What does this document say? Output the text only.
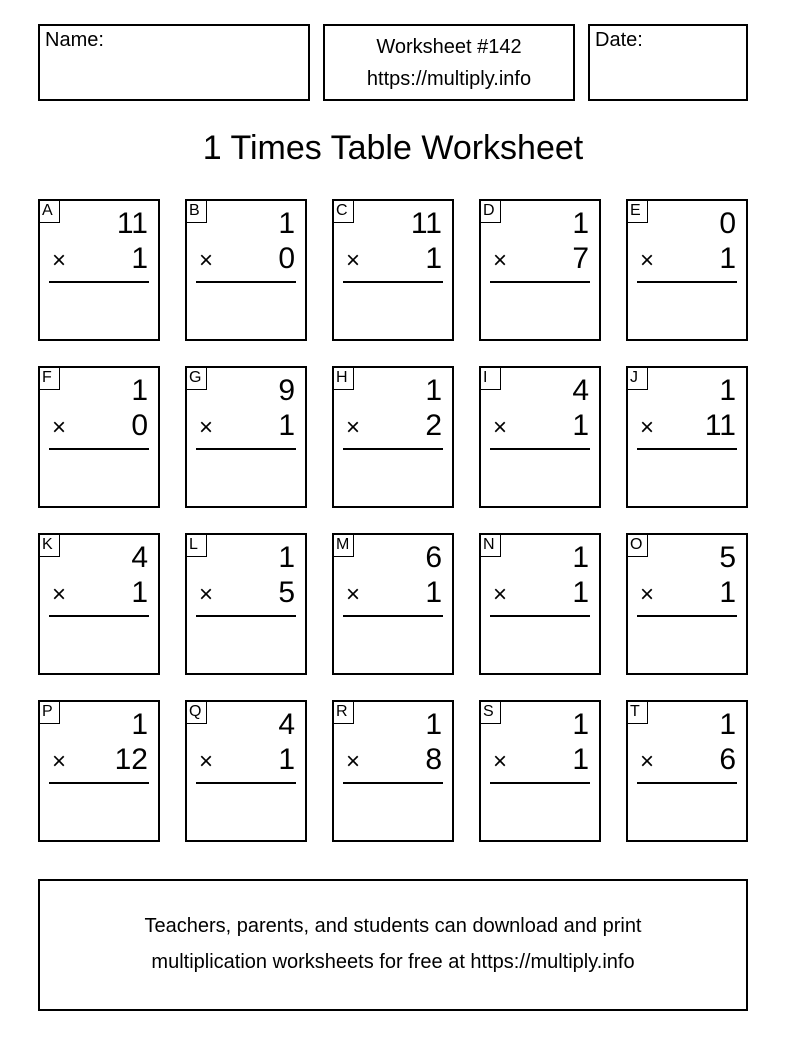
Name:	Worksheet #142
https://multiply.info
Date:
1 Times Table Worksheet
A 11
× 1
B	1
× 0
C 11
× 1
D	1
× 7
E	0
× 1
F	1
× 0
G	9
× 1
H	1
× 2
I	4
× 1
J	1
× 11
K	4
× 1
L	1
× 5
M	6
× 1
N	1
× 1
O	5
× 1
P	1
× 12
Q	4
× 1
R	1
× 8
S	1
× 1
T	1
× 6
Teachers, parents, and students can download and print
multiplication worksheets for free at https://multiply.info
